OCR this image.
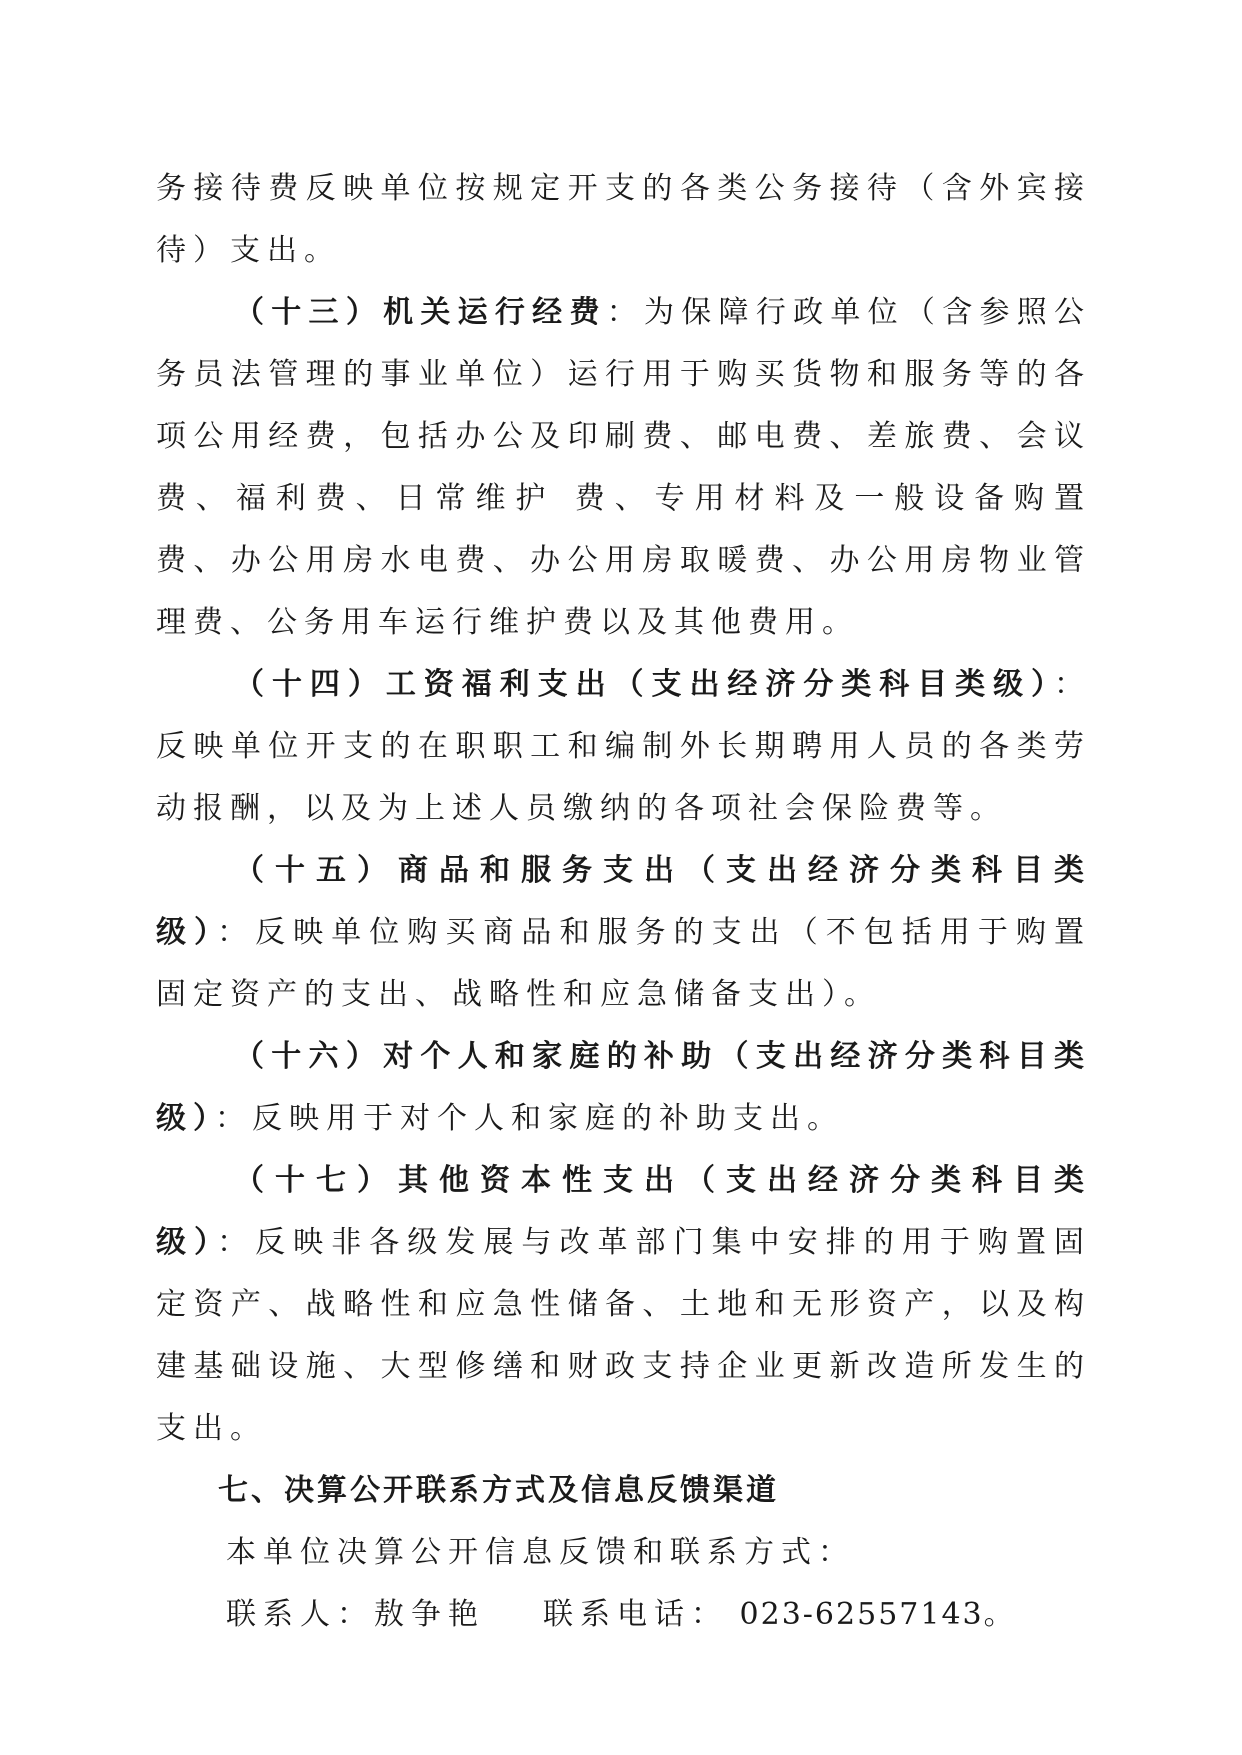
务接待费反映单位按规定开支的各类公务接待（含外宾接待）支出。

（十三）机关运行经费：为保障行政单位（含参照公务员法管理的事业单位）运行用于购买货物和服务等的各项公用经费，包括办公及印刷费、邮电费、差旅费、会议费、福利费、日常维护 费、专用材料及一般设备购置费、办公用房水电费、办公用房取暖费、办公用房物业管理费、公务用车运行维护费以及其他费用。

（十四）工资福利支出（支出经济分类科目类级）：反映单位开支的在职职工和编制外长期聘用人员的各类劳动报酬，以及为上述人员缴纳的各项社会保险费等。

（十五）商品和服务支出（支出经济分类科目类级）：反映单位购买商品和服务的支出（不包括用于购置固定资产的支出、战略性和应急储备支出）。

（十六）对个人和家庭的补助（支出经济分类科目类级）：反映用于对个人和家庭的补助支出。

（十七）其他资本性支出（支出经济分类科目类级）：反映非各级发展与改革部门集中安排的用于购置固定资产、战略性和应急性储备、土地和无形资产，以及构建基础设施、大型修缮和财政支持企业更新改造所发生的支出。

七、决算公开联系方式及信息反馈渠道

本单位决算公开信息反馈和联系方式：

联系人：敖争艳 联系电话： 023-62557143。
